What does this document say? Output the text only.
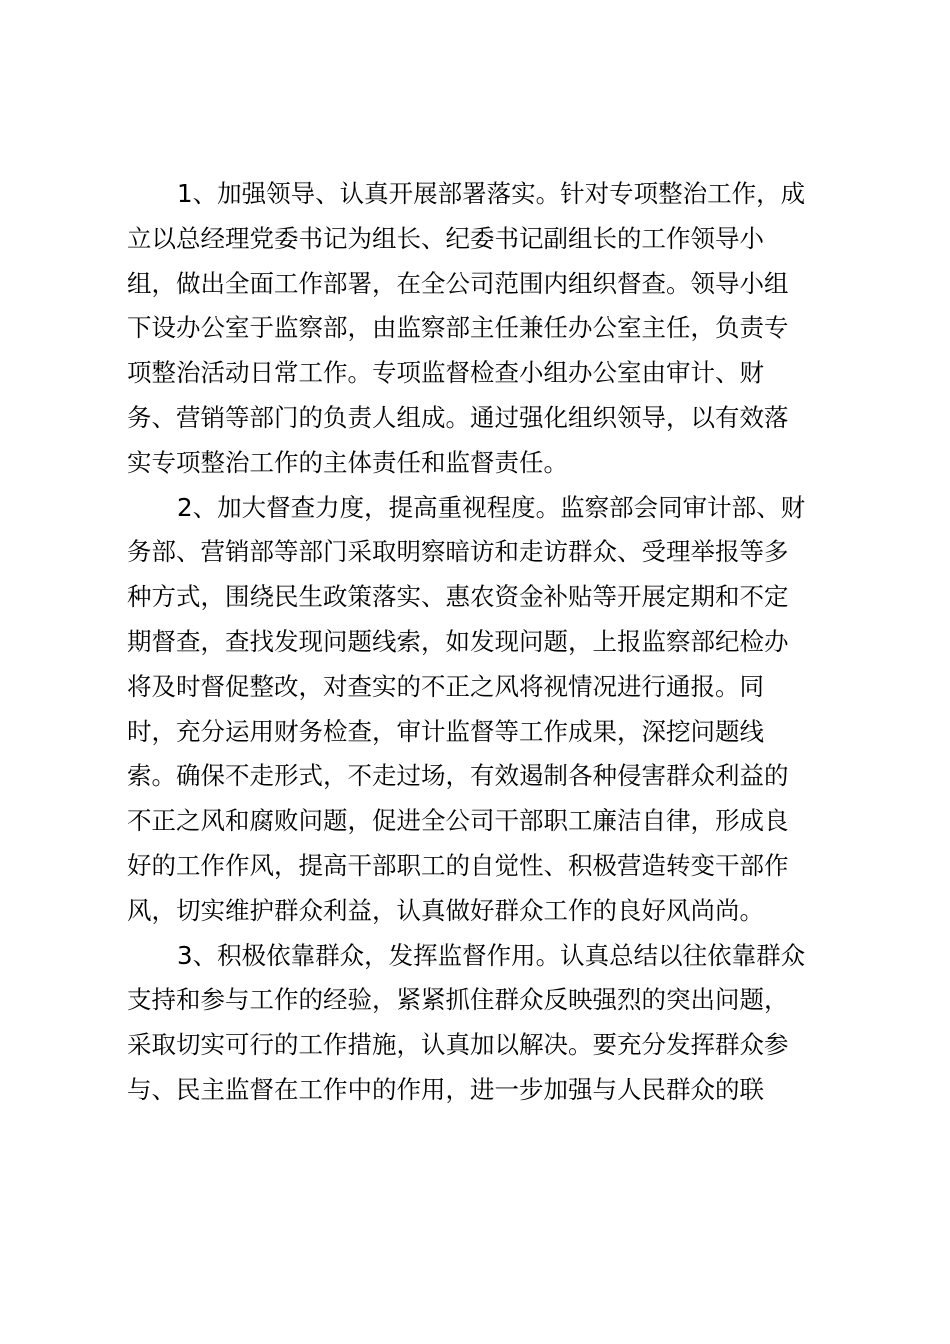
1、加强领导、认真开展部署落实。针对专项整治工作，成
立以总经理党委书记为组长、纪委书记副组长的工作领导小
组，做出全面工作部署，在全公司范围内组织督查。领导小组
下设办公室于监察部，由监察部主任兼任办公室主任，负责专
项整治活动日常工作。专项监督检查小组办公室由审计、财
务、营销等部门的负责人组成。通过强化组织领导，以有效落
实专项整治工作的主体责任和监督责任。
2、加大督查力度，提高重视程度。监察部会同审计部、财
务部、营销部等部门采取明察暗访和走访群众、受理举报等多
种方式，围绕民生政策落实、惠农资金补贴等开展定期和不定
期督查，查找发现问题线索，如发现问题，上报监察部纪检办
将及时督促整改，对查实的不正之风将视情况进行通报。同
时，充分运用财务检查，审计监督等工作成果，深挖问题线
索。确保不走形式，不走过场，有效遏制各种侵害群众利益的
不正之风和腐败问题，促进全公司干部职工廉洁自律，形成良
好的工作作风，提高干部职工的自觉性、积极营造转变干部作
风，切实维护群众利益，认真做好群众工作的良好风尚尚。
3、积极依靠群众，发挥监督作用。认真总结以往依靠群众
支持和参与工作的经验，紧紧抓住群众反映强烈的突出问题，
采取切实可行的工作措施，认真加以解决。要充分发挥群众参
与、民主监督在工作中的作用，进一步加强与人民群众的联
